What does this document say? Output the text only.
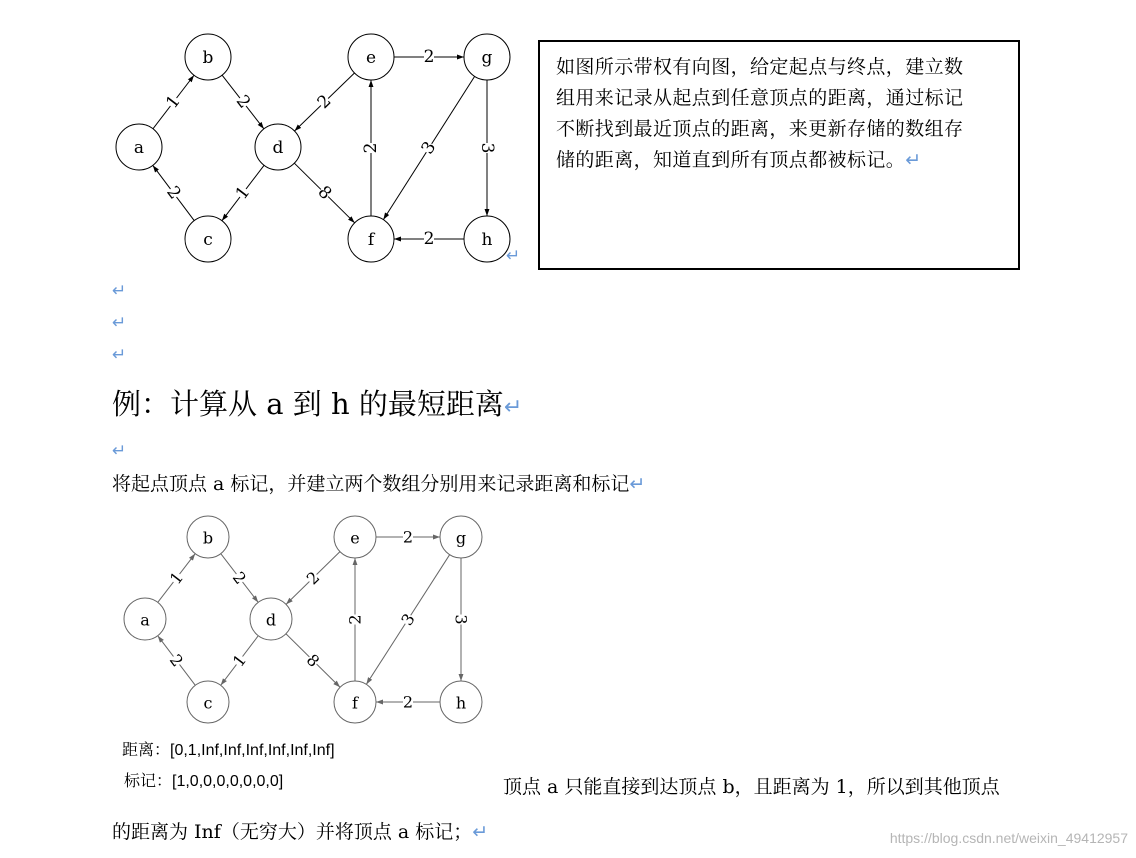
1	2
2	1	8
2
2
2 3 3
2
a
b
c
d
e
f
g
h
↵
如图所示带权有向图，给定起点与终点，建立数
组用来记录从起点到任意顶点的距离，通过标记
不断找到最近顶点的距离，来更新存储的数组存
储的距离，知道直到所有顶点都被标记。↵
↵
↵
↵
例：计算从 a 到 h 的最短距离↵
↵
将起点顶点 a 标记，并建立两个数组分别用来记录距离和标记↵
1	2
2	1	8
2
2
2 3 3
2
a
b
c
d
e
f
g
h
距离：[0,1,Inf,Inf,Inf,Inf,Inf,Inf]
标记：[1,0,0,0,0,0,0,0]	顶点 a 只能直接到达顶点 b，且距离为 1，所以到其他顶点
的距离为 Inf（无穷大）并将顶点 a 标记；↵	https://blog.csdn.net/weixin_49412957
